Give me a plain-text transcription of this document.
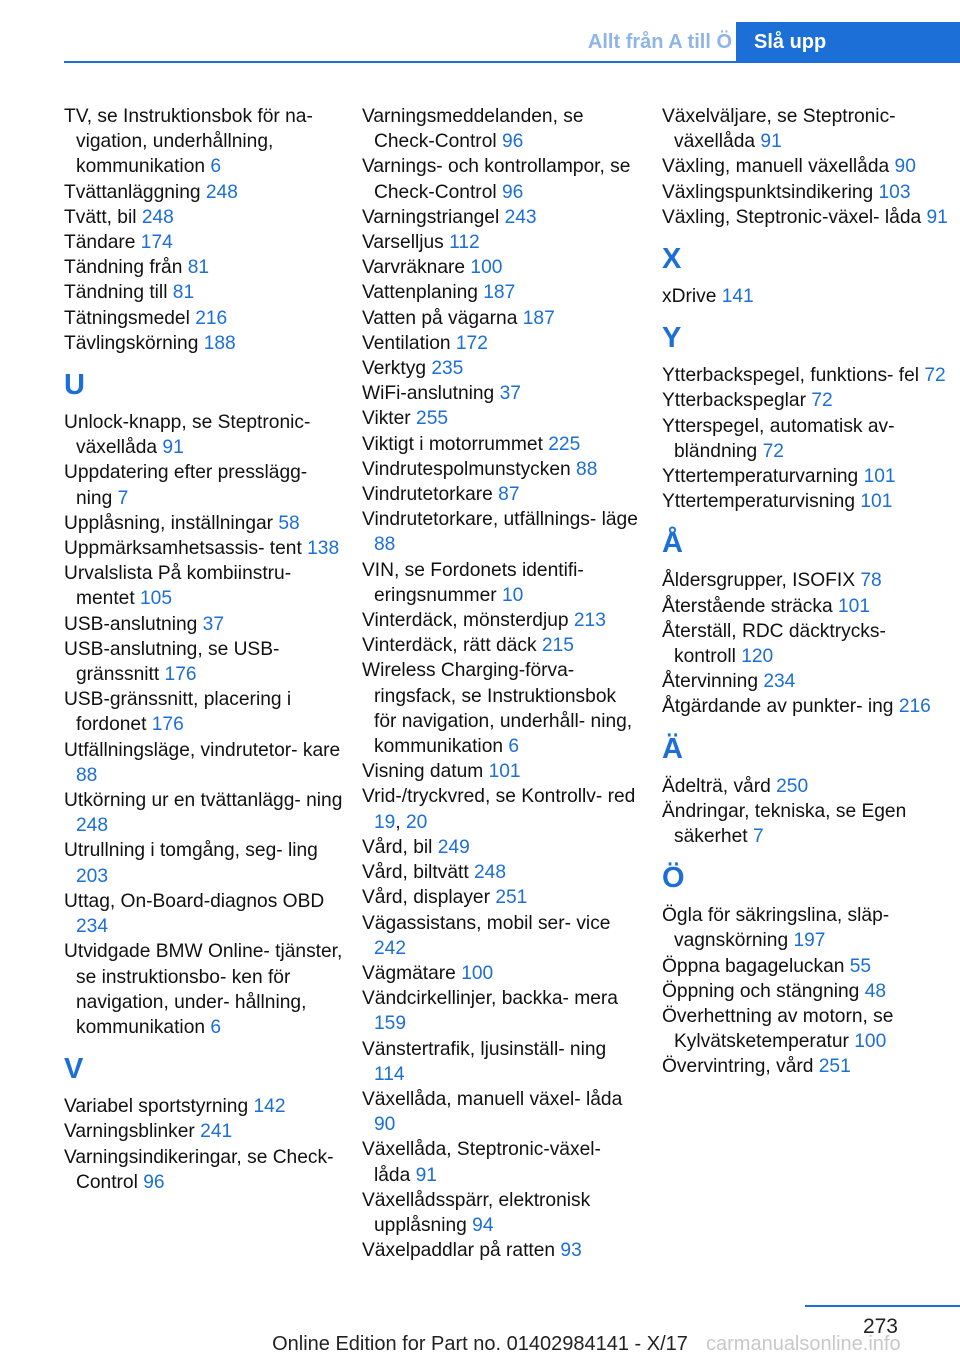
Allt från A till Ö	Slå upp
TV, se Instruktionsbok för na- vigation, underhållning, kommunikation 6
Tvättanläggning 248
Tvätt, bil 248
Tändare 174
Tändning från 81
Tändning till 81
Tätningsmedel 216
Tävlingskörning 188
U
Unlock-knapp, se Steptronic- växellåda 91
Uppdatering efter presslägg- ning 7
Upplåsning, inställningar 58
Uppmärksamhetsassis- tent 138
Urvalslista På kombiinstru- mentet 105
USB-anslutning 37
USB-anslutning, se USB- gränssnitt 176
USB-gränssnitt, placering i fordonet 176
Utfällningsläge, vindrutetor- kare 88
Utkörning ur en tvättanlägg- ning 248
Utrullning i tomgång, seg- ling 203
Uttag, On-Board-diagnos OBD 234
Utvidgade BMW Online- tjänster, se instruktionsbo- ken för navigation, under- hållning, kommunikation 6
V
Variabel sportstyrning 142
Varningsblinker 241
Varningsindikeringar, se Check-Control 96
Varningsmeddelanden, se Check-Control 96
Varnings- och kontrollampor, se Check-Control 96
Varningstriangel 243
Varselljus 112
Varvräknare 100
Vattenplaning 187
Vatten på vägarna 187
Ventilation 172
Verktyg 235
WiFi-anslutning 37
Vikter 255
Viktigt i motorrummet 225
Vindrutespolmunstycken 88
Vindrutetorkare 87
Vindrutetorkare, utfällnings- läge 88
VIN, se Fordonets identifi- eringsnummer 10
Vinterdäck, mönsterdjup 213
Vinterdäck, rätt däck 215
Wireless Charging-förva- ringsfack, se Instruktionsbok för navigation, underhåll- ning, kommunikation 6
Visning datum 101
Vrid-/tryckvred, se Kontrollv- red 19, 20
Vård, bil 249
Vård, biltvätt 248
Vård, displayer 251
Vägassistans, mobil ser- vice 242
Vägmätare 100
Vändcirkellinjer, backka- mera 159
Vänstertrafik, ljusinställ- ning 114
Växellåda, manuell växel- låda 90
Växellåda, Steptronic-växel- låda 91
Växellådsspärr, elektronisk upplåsning 94
Växelpaddlar på ratten 93
Växelväljare, se Steptronic- växellåda 91
Växling, manuell växellåda 90
Växlingspunktsindikering 103
Växling, Steptronic-växel- låda 91
X
xDrive 141
Y
Ytterbackspegel, funktions- fel 72
Ytterbackspeglar 72
Ytterspegel, automatisk av- bländning 72
Yttertemperaturvarning 101
Yttertemperaturvisning 101
Å
Åldersgrupper, ISOFIX 78
Återstående sträcka 101
Återställ, RDC däcktrycks- kontroll 120
Återvinning 234
Åtgärdande av punkter- ing 216
Ä
Ädelträ, vård 250
Ändringar, tekniska, se Egen säkerhet 7
Ö
Ögla för säkringslina, släp- vagnskörning 197
Öppna bagageluckan 55
Öppning och stängning 48
Överhettning av motorn, se Kylvätsketemperatur 100
Övervintring, vård 251
273
Online Edition for Part no. 01402984141 - X/17 carmanualsonline.info
